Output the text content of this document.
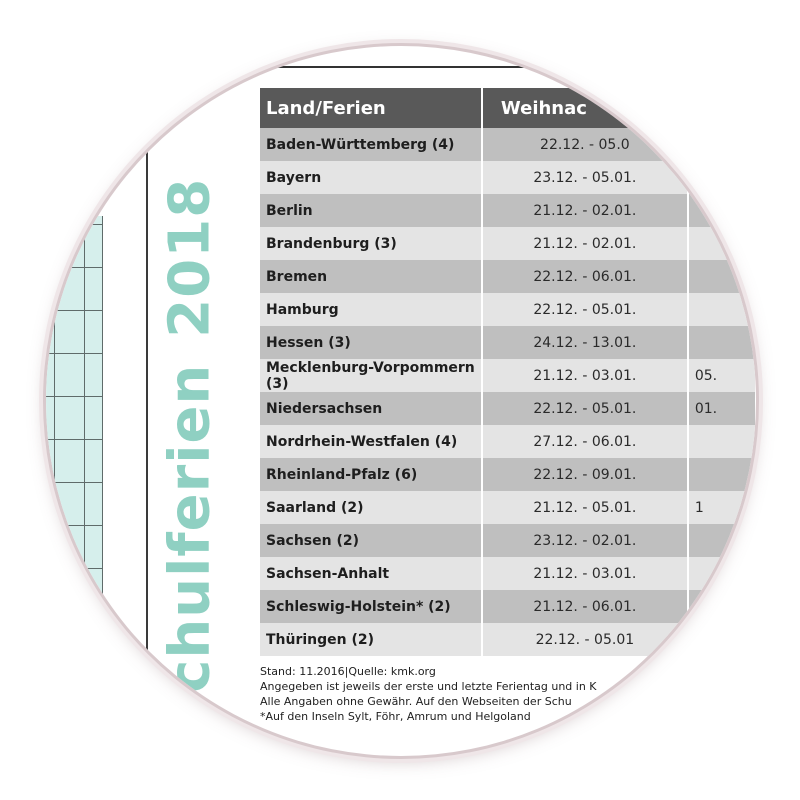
Schulferien2018
Land/Ferien	Weihnac	
Baden-Württemberg (4)	22.12. - 05.0	
Bayern	23.12. - 05.01.	
Berlin	21.12. - 02.01.	
Brandenburg (3)	21.12. - 02.01.	
Bremen	22.12. - 06.01.	
Hamburg	22.12. - 05.01.	
Hessen (3)	24.12. - 13.01.	
Mecklenburg-Vorpommern (3)	21.12. - 03.01.	05.
Niedersachsen	22.12. - 05.01.	01.
Nordrhein-Westfalen (4)	27.12. - 06.01.	
Rheinland-Pfalz (6)	22.12. - 09.01.	
Saarland (2)	21.12. - 05.01.	1
Sachsen (2)	23.12. - 02.01.	
Sachsen-Anhalt	21.12. - 03.01.	
Schleswig-Holstein* (2)	21.12. - 06.01.	
Thüringen (2)	22.12. - 05.01	
Stand: 11.2016|Quelle: kmk.org
Angegeben ist jeweils der erste und letzte Ferientag und in K
Alle Angaben ohne Gewähr. Auf den Webseiten der Schu
*Auf den Inseln Sylt, Föhr, Amrum und Helgoland
